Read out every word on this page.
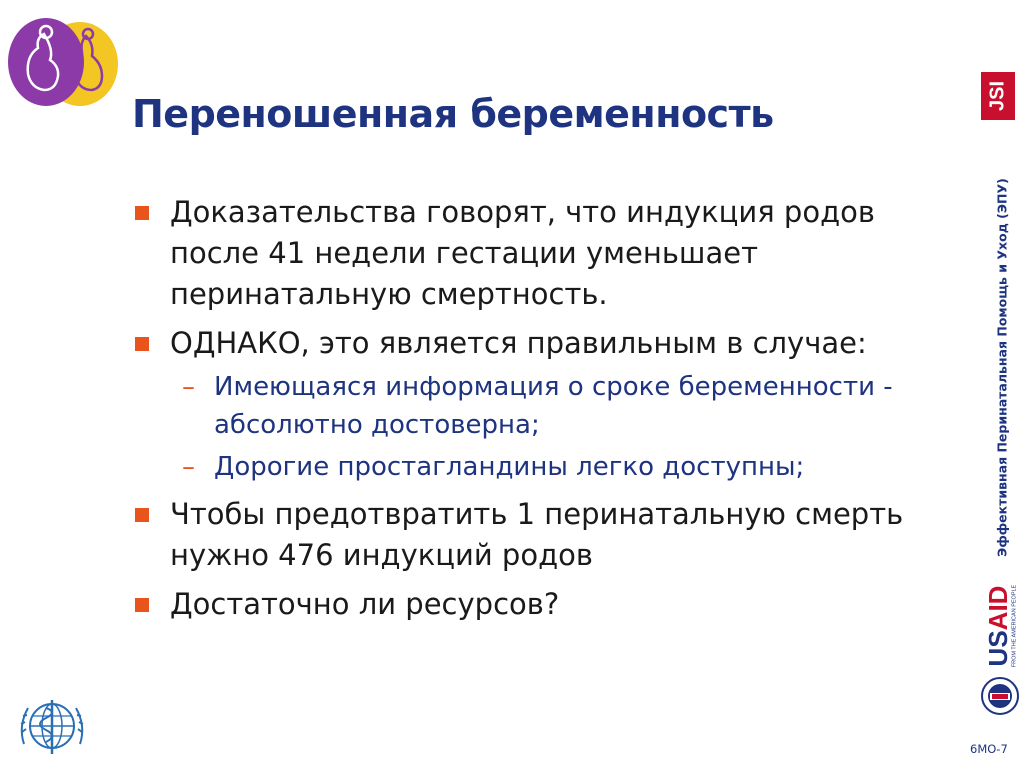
Переношенная беременность
Доказательства говорят, что индукция родов
после 41 недели гестации уменьшает
перинатальную смертность.
ОДНАКО, это является правильным в случае:
– Имеющаяся информация о сроке беременности -
абсолютно достоверна;
– Дорогие простагландины легко доступны;
Чтобы предотвратить 1 перинатальную смерть
нужно 476 индукций родов
Достаточно ли ресурсов?
JSI
Эффективная Перинатальная Помощь и Уход (ЭПУ)
USAID
FROM THE AMERICAN PEOPLE
6МО-7
